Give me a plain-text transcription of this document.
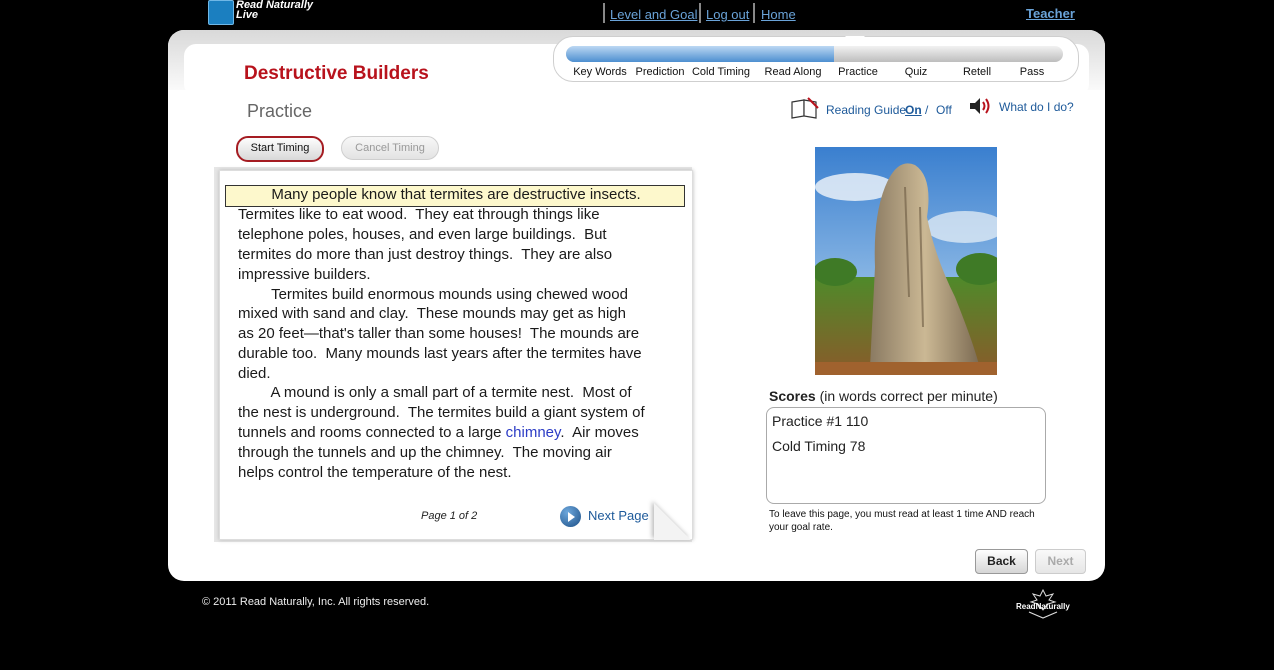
Read Naturally Live	Level and Goal Log out Home	Teacher
Key Words Prediction Cold Timing Read Along Practice Quiz	Retell	Pass
Destructive Builders
Practice	Reading Guide
On / Off	What do I do?
Start Timing	Cancel Timing
Many people know that termites are destructive insects.
Termites like to eat wood.  They eat through things like
telephone poles, houses, and even large buildings.  But
termites do more than just destroy things.  They are also
impressive builders.
Termites build enormous mounds using chewed wood
mixed with sand and clay.  These mounds may get as high
as 20 feet—that's taller than some houses!  The mounds are
durable too.  Many mounds last years after the termites have
died.
A mound is only a small part of a termite nest.  Most of
the nest is underground.  The termites build a giant system of
tunnels and rooms connected to a large chimney.  Air moves
through the tunnels and up the chimney.  The moving air
helps control the temperature of the nest.
Page 1 of 2	Next Page
Scores (in words correct per minute)
Practice #1 110
Cold Timing 78
To leave this page, you must read at least 1 time AND reach your goal rate.
Back	Next
© 2011 Read Naturally, Inc. All rights reserved.	ReadNaturally
